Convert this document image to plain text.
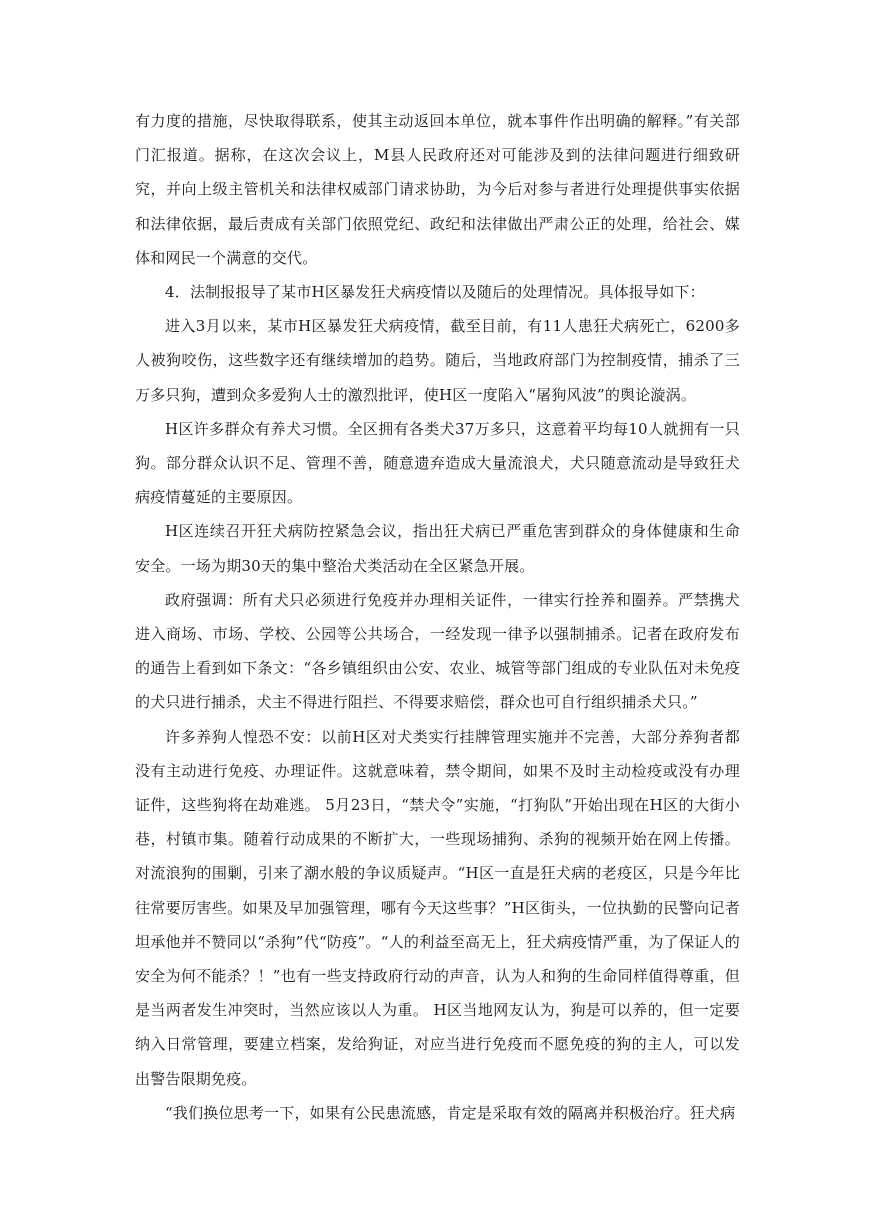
有力度的措施，尽快取得联系，使其主动返回本单位，就本事件作出明确的解释。”有关部门汇报道。据称，在这次会议上，M县人民政府还对可能涉及到的法律问题进行细致研究，并向上级主管机关和法律权威部门请求协助，为今后对参与者进行处理提供事实依据和法律依据，最后责成有关部门依照党纪、政纪和法律做出严肃公正的处理，给社会、媒体和网民一个满意的交代。

4．法制报报导了某市H区暴发狂犬病疫情以及随后的处理情况。具体报导如下：

进入3月以来，某市H区暴发狂犬病疫情，截至目前，有11人患狂犬病死亡，6200多人被狗咬伤，这些数字还有继续增加的趋势。随后，当地政府部门为控制疫情，捕杀了三万多只狗，遭到众多爱狗人士的激烈批评，使H区一度陷入“屠狗风波”的舆论漩涡。

H区许多群众有养犬习惯。全区拥有各类犬37万多只，这意着平均每10人就拥有一只狗。部分群众认识不足、管理不善，随意遗弃造成大量流浪犬，犬只随意流动是导致狂犬病疫情蔓延的主要原因。

H区连续召开狂犬病防控紧急会议，指出狂犬病已严重危害到群众的身体健康和生命安全。一场为期30天的集中整治犬类活动在全区紧急开展。

政府强调：所有犬只必须进行免疫并办理相关证件，一律实行拴养和圈养。严禁携犬进入商场、市场、学校、公园等公共场合，一经发现一律予以强制捕杀。记者在政府发布的通告上看到如下条文：“各乡镇组织由公安、农业、城管等部门组成的专业队伍对未免疫的犬只进行捕杀，犬主不得进行阻拦、不得要求赔偿，群众也可自行组织捕杀犬只。”

许多养狗人惶恐不安：以前H区对犬类实行挂牌管理实施并不完善，大部分养狗者都没有主动进行免疫、办理证件。这就意味着，禁令期间，如果不及时主动检疫或没有办理证件，这些狗将在劫难逃。 5月23日，“禁犬令”实施，“打狗队”开始出现在H区的大街小巷，村镇市集。随着行动成果的不断扩大，一些现场捕狗、杀狗的视频开始在网上传播。对流浪狗的围剿，引来了潮水般的争议质疑声。“H区一直是狂犬病的老疫区，只是今年比往常要厉害些。如果及早加强管理，哪有今天这些事？”H区街头，一位执勤的民警向记者坦承他并不赞同以“杀狗”代“防疫”。“人的利益至高无上，狂犬病疫情严重，为了保证人的安全为何不能杀？！”也有一些支持政府行动的声音，认为人和狗的生命同样值得尊重，但是当两者发生冲突时，当然应该以人为重。 H区当地网友认为，狗是可以养的，但一定要纳入日常管理，要建立档案，发给狗证，对应当进行免疫而不愿免疫的狗的主人，可以发出警告限期免疫。

“我们换位思考一下，如果有公民患流感，肯定是采取有效的隔离并积极治疗。狂犬病
